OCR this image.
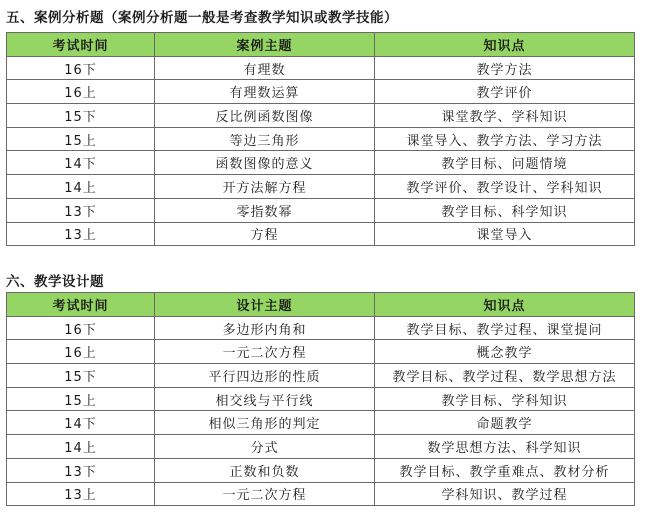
五、案例分析题（案例分析题一般是考查教学知识或教学技能）
考试时间	案例主题	知识点
16下	有理数	教学方法
16上	有理数运算	教学评价
15下	反比例函数图像	课堂教学、学科知识
15上	等边三角形	课堂导入、教学方法、学习方法
14下	函数图像的意义	教学目标、问题情境
14上	开方法解方程	教学评价、教学设计、学科知识
13下	零指数幂	教学目标、科学知识
13上	方程	课堂导入
六、教学设计题
考试时间	设计主题	知识点
16下	多边形内角和	教学目标、教学过程、课堂提问
16上	一元二次方程	概念教学
15下	平行四边形的性质	教学目标、教学过程、数学思想方法
15上	相交线与平行线	教学目标、学科知识
14下	相似三角形的判定	命题教学
14上	分式	数学思想方法、科学知识
13下	正数和负数	教学目标、教学重难点、教材分析
13上	一元二次方程	学科知识、教学过程
